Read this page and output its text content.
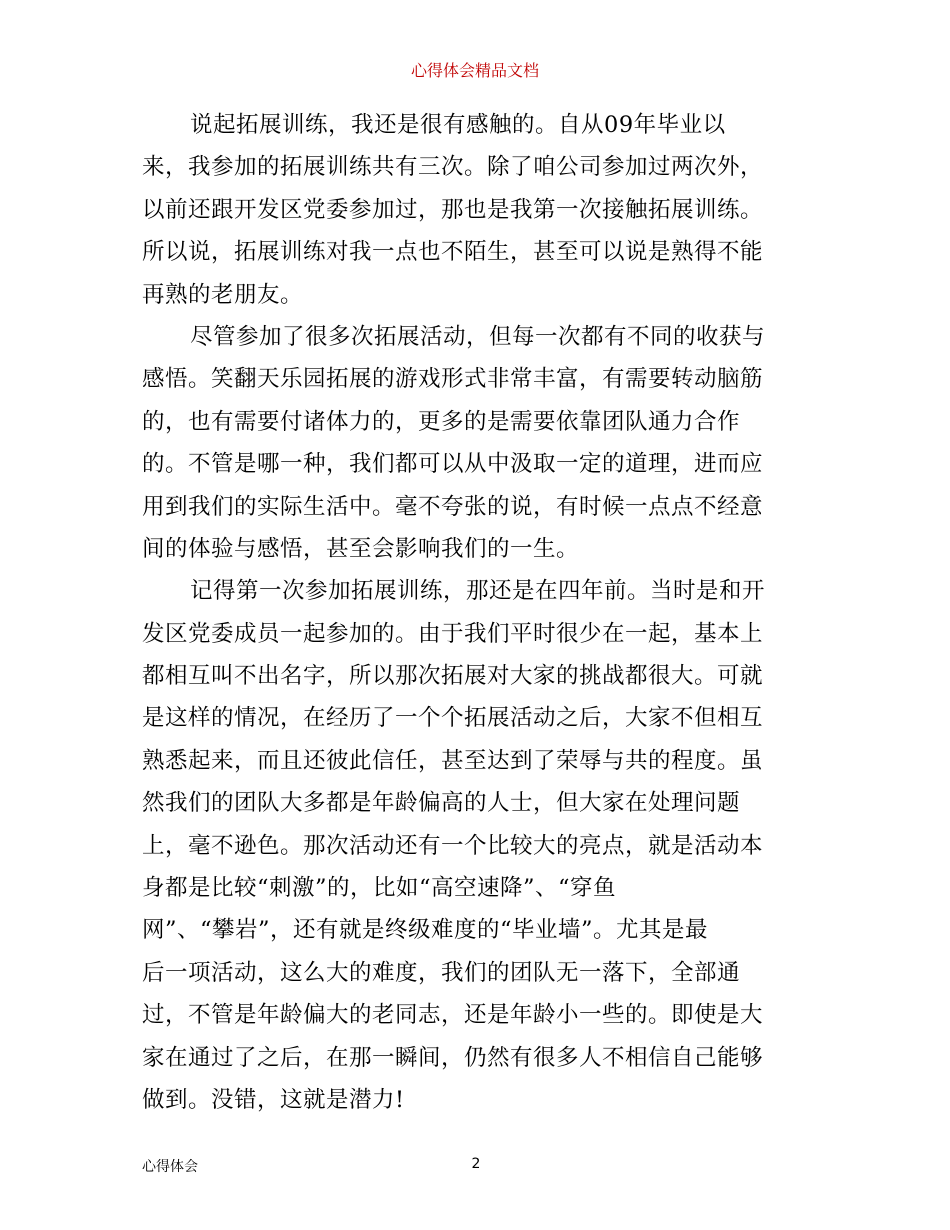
心得体会精品文档
说起拓展训练，我还是很有感触的。自从09年毕业以
来，我参加的拓展训练共有三次。除了咱公司参加过两次外，
以前还跟开发区党委参加过，那也是我第一次接触拓展训练。
所以说，拓展训练对我一点也不陌生，甚至可以说是熟得不能
再熟的老朋友。
尽管参加了很多次拓展活动，但每一次都有不同的收获与
感悟。笑翻天乐园拓展的游戏形式非常丰富，有需要转动脑筋
的，也有需要付诸体力的，更多的是需要依靠团队通力合作
的。不管是哪一种，我们都可以从中汲取一定的道理，进而应
用到我们的实际生活中。毫不夸张的说，有时候一点点不经意
间的体验与感悟，甚至会影响我们的一生。
记得第一次参加拓展训练，那还是在四年前。当时是和开
发区党委成员一起参加的。由于我们平时很少在一起，基本上
都相互叫不出名字，所以那次拓展对大家的挑战都很大。可就
是这样的情况，在经历了一个个拓展活动之后，大家不但相互
熟悉起来，而且还彼此信任，甚至达到了荣辱与共的程度。虽
然我们的团队大多都是年龄偏高的人士，但大家在处理问题
上，毫不逊色。那次活动还有一个比较大的亮点，就是活动本
身都是比较“刺激”的，比如“高空速降”、“穿鱼
网”、“攀岩”，还有就是终级难度的“毕业墙”。尤其是最
后一项活动，这么大的难度，我们的团队无一落下，全部通
过，不管是年龄偏大的老同志，还是年龄小一些的。即使是大
家在通过了之后，在那一瞬间，仍然有很多人不相信自己能够
做到。没错，这就是潜力!
心得体会	2
